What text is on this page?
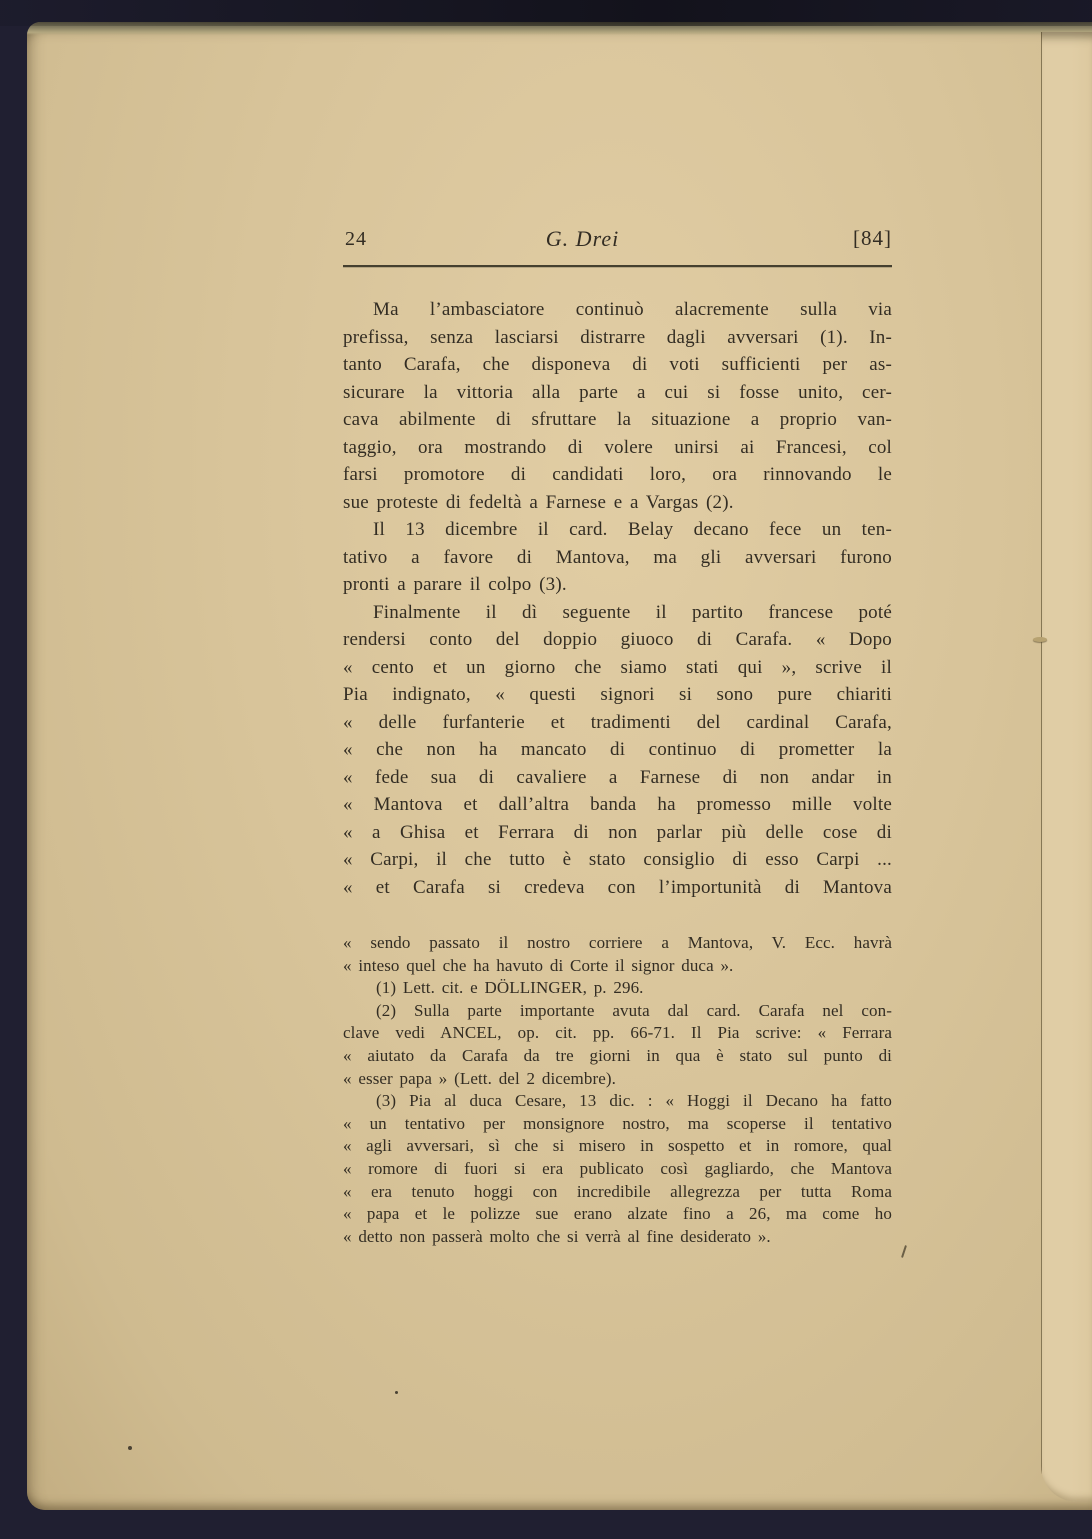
24	G. Drei	[84]
Ma l’ambasciatore continuò alacremente sulla via
prefissa, senza lasciarsi distrarre dagli avversari (1). In-
tanto Carafa, che disponeva di voti sufficienti per as-
sicurare la vittoria alla parte a cui si fosse unito, cer-
cava abilmente di sfruttare la situazione a proprio van-
taggio, ora mostrando di volere unirsi ai Francesi, col
farsi promotore di candidati loro, ora rinnovando le
sue proteste di fedeltà a Farnese e a Vargas (2).
Il 13 dicembre il card. Belay decano fece un ten-
tativo a favore di Mantova, ma gli avversari furono
pronti a parare il colpo (3).
Finalmente il dì seguente il partito francese poté
rendersi conto del doppio giuoco di Carafa. « Dopo
« cento et un giorno che siamo stati qui », scrive il
Pia indignato, « questi signori si sono pure chiariti
« delle furfanterie et tradimenti del cardinal Carafa,
« che non ha mancato di continuo di prometter la
« fede sua di cavaliere a Farnese di non andar in
« Mantova et dall’altra banda ha promesso mille volte
« a Ghisa et Ferrara di non parlar più delle cose di
« Carpi, il che tutto è stato consiglio di esso Carpi ...
« et Carafa si credeva con l’importunità di Mantova
« sendo passato il nostro corriere a Mantova, V. Ecc. havrà
« inteso quel che ha havuto di Corte il signor duca ».
(1) Lett. cit. e DÖLLINGER, p. 296.
(2) Sulla parte importante avuta dal card. Carafa nel con-
clave vedi ANCEL, op. cit. pp. 66-71. Il Pia scrive: « Ferrara
« aiutato da Carafa da tre giorni in qua è stato sul punto di
« esser papa » (Lett. del 2 dicembre).
(3) Pia al duca Cesare, 13 dic. : « Hoggi il Decano ha fatto
« un tentativo per monsignore nostro, ma scoperse il tentativo
« agli avversari, sì che si misero in sospetto et in romore, qual
« romore di fuori si era publicato così gagliardo, che Mantova
« era tenuto hoggi con incredibile allegrezza per tutta Roma
« papa et le polizze sue erano alzate fino a 26, ma come ho
« detto non passerà molto che si verrà al fine desiderato ».
